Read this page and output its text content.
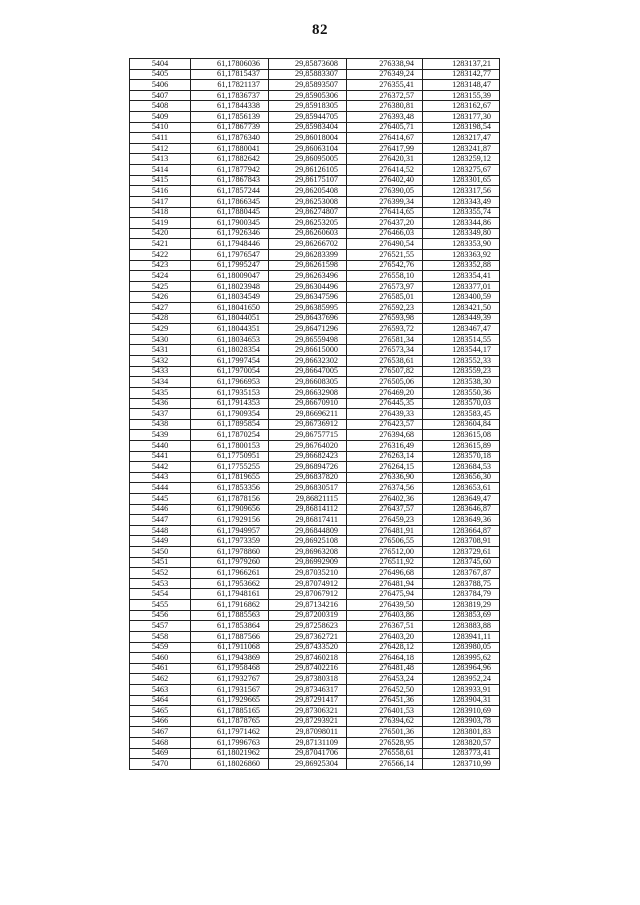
82
5404	61,17806036	29,85873608	276338,94	1283137,21
5405	61,17815437	29,85883307	276349,24	1283142,77
5406	61,17821137	29,85893507	276355,41	1283148,47
5407	61,17836737	29,85905306	276372,57	1283155,39
5408	61,17844338	29,85918305	276380,81	1283162,67
5409	61,17856139	29,85944705	276393,48	1283177,30
5410	61,17867739	29,85983404	276405,71	1283198,54
5411	61,17876340	29,86018004	276414,67	1283217,47
5412	61,17880041	29,86063104	276417,99	1283241,87
5413	61,17882642	29,86095005	276420,31	1283259,12
5414	61,17877942	29,86126105	276414,52	1283275,67
5415	61,17867843	29,86175107	276402,40	1283301,65
5416	61,17857244	29,86205408	276390,05	1283317,56
5417	61,17866345	29,86253008	276399,34	1283343,49
5418	61,17880445	29,86274807	276414,65	1283355,74
5419	61,17900345	29,86253205	276437,20	1283344,86
5420	61,17926346	29,86260603	276466,03	1283349,80
5421	61,17948446	29,86266702	276490,54	1283353,90
5422	61,17976547	29,86283399	276521,55	1283363,92
5423	61,17995247	29,86261598	276542,76	1283352,88
5424	61,18009047	29,86263496	276558,10	1283354,41
5425	61,18023948	29,86304496	276573,97	1283377,01
5426	61,18034549	29,86347596	276585,01	1283400,59
5427	61,18041650	29,86385995	276592,23	1283421,50
5428	61,18044051	29,86437696	276593,98	1283449,39
5429	61,18044351	29,86471296	276593,72	1283467,47
5430	61,18034653	29,86559498	276581,34	1283514,55
5431	61,18028354	29,86615000	276573,34	1283544,17
5432	61,17997454	29,86632302	276538,61	1283552,33
5433	61,17970054	29,86647005	276507,82	1283559,23
5434	61,17966953	29,86608305	276505,06	1283538,30
5435	61,17935153	29,86632908	276469,20	1283550,36
5436	61,17914353	29,86670910	276445,35	1283570,03
5437	61,17909354	29,86696211	276439,33	1283583,45
5438	61,17895854	29,86736912	276423,57	1283604,84
5439	61,17870254	29,86757715	276394,68	1283615,08
5440	61,17800153	29,86764020	276316,49	1283615,89
5441	61,17750951	29,86682423	276263,14	1283570,18
5442	61,17755255	29,86894726	276264,15	1283684,53
5443	61,17819655	29,86837820	276336,90	1283656,30
5444	61,17853356	29,86830517	276374,56	1283653,61
5445	61,17878156	29,86821115	276402,36	1283649,47
5446	61,17909656	29,86814112	276437,57	1283646,87
5447	61,17929156	29,86817411	276459,23	1283649,36
5448	61,17949957	29,86844809	276481,91	1283664,87
5449	61,17973359	29,86925108	276506,55	1283708,91
5450	61,17978860	29,86963208	276512,00	1283729,61
5451	61,17979260	29,86992909	276511,92	1283745,60
5452	61,17966261	29,87035210	276496,68	1283767,87
5453	61,17953662	29,87074912	276481,94	1283788,75
5454	61,17948161	29,87067912	276475,94	1283784,79
5455	61,17916862	29,87134216	276439,50	1283819,29
5456	61,17885563	29,87200319	276403,86	1283853,69
5457	61,17853864	29,87258623	276367,51	1283883,88
5458	61,17887566	29,87362721	276403,20	1283941,11
5459	61,17911068	29,87433520	276428,12	1283980,05
5460	61,17943869	29,87460218	276464,18	1283995,62
5461	61,17958468	29,87402216	276481,48	1283964,96
5462	61,17932767	29,87380318	276453,24	1283952,24
5463	61,17931567	29,87346317	276452,50	1283933,91
5464	61,17929665	29,87291417	276451,36	1283904,31
5465	61,17885165	29,87306321	276401,53	1283910,69
5466	61,17878765	29,87293921	276394,62	1283903,78
5467	61,17971462	29,87098011	276501,36	1283801,83
5468	61,17996763	29,87131109	276528,95	1283820,57
5469	61,18021962	29,87041706	276558,61	1283773,41
5470	61,18026860	29,86925304	276566,14	1283710,99
